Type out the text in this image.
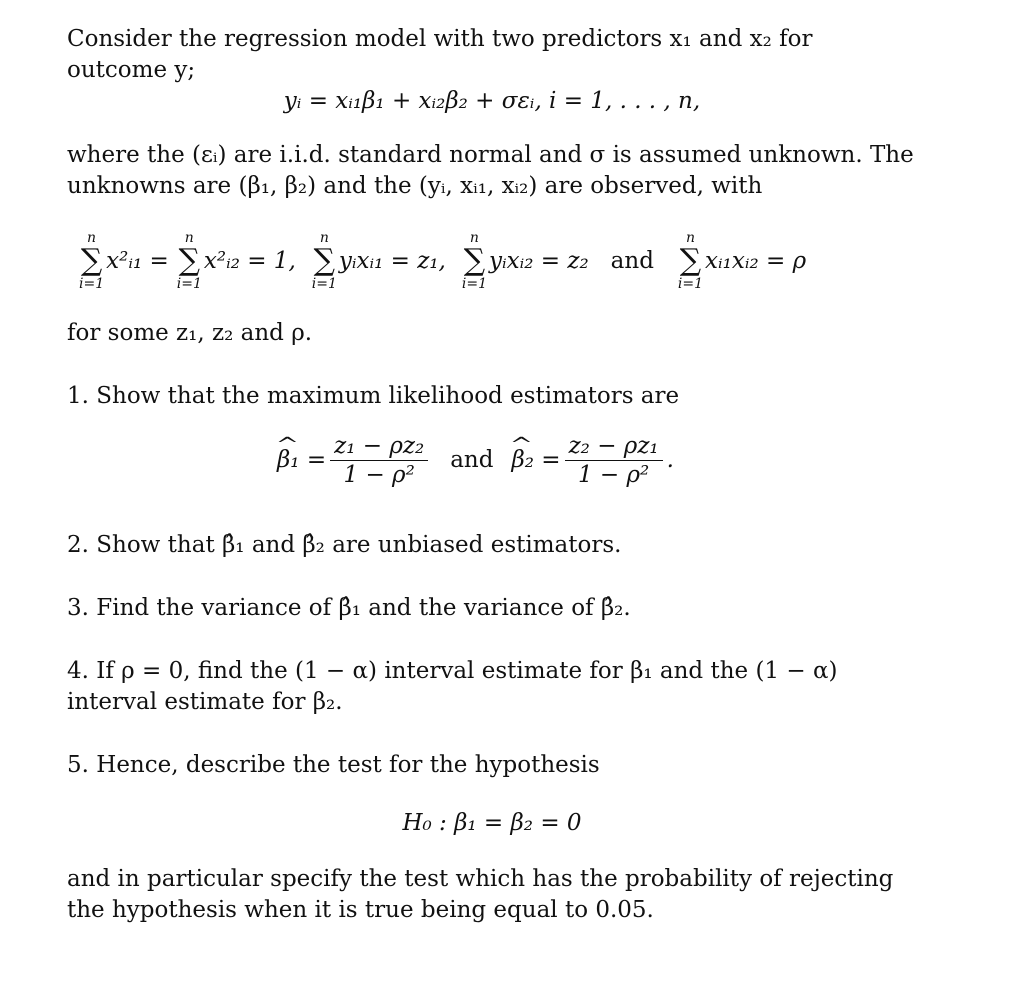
Consider the regression model with two predictors x₁ and x₂ for outcome y;
yᵢ = xᵢ₁β₁ + xᵢ₂β₂ + σεᵢ, i = 1, . . . , n,
where the (εᵢ) are i.i.d. standard normal and σ is assumed unknown. The unknowns are (β₁, β₂) and the (yᵢ, xᵢ₁, xᵢ₂) are observed, with
n
∑
i=1
x²ᵢ₁ =
n
∑
i=1
x²ᵢ₂ = 1,
n
∑
i=1
yᵢxᵢ₁ = z₁,
n
∑
i=1
yᵢxᵢ₂ = z₂ and
n
∑
i=1
xᵢ₁xᵢ₂ = ρ
for some z₁, z₂ and ρ.
1. Show that the maximum likelihood estimators are
^ $\beta_1 = \frac{\text{z₁ − ρz₂}}{\text{1 − ρ²}}$ and
^ $\beta_2 = \frac{\text{z₂ − ρz₁}}{\text{1 − ρ²}}$ .
2. Show that β̂₁ and β̂₂ are unbiased estimators.
3. Find the variance of β̂₁ and the variance of β̂₂.
4. If ρ = 0, find the (1 − α) interval estimate for β₁ and the (1 − α) interval estimate for β₂.
5. Hence, describe the test for the hypothesis
H₀ : β₁ = β₂ = 0
and in particular specify the test which has the probability of rejecting the hypothesis when it is true being equal to 0.05.
